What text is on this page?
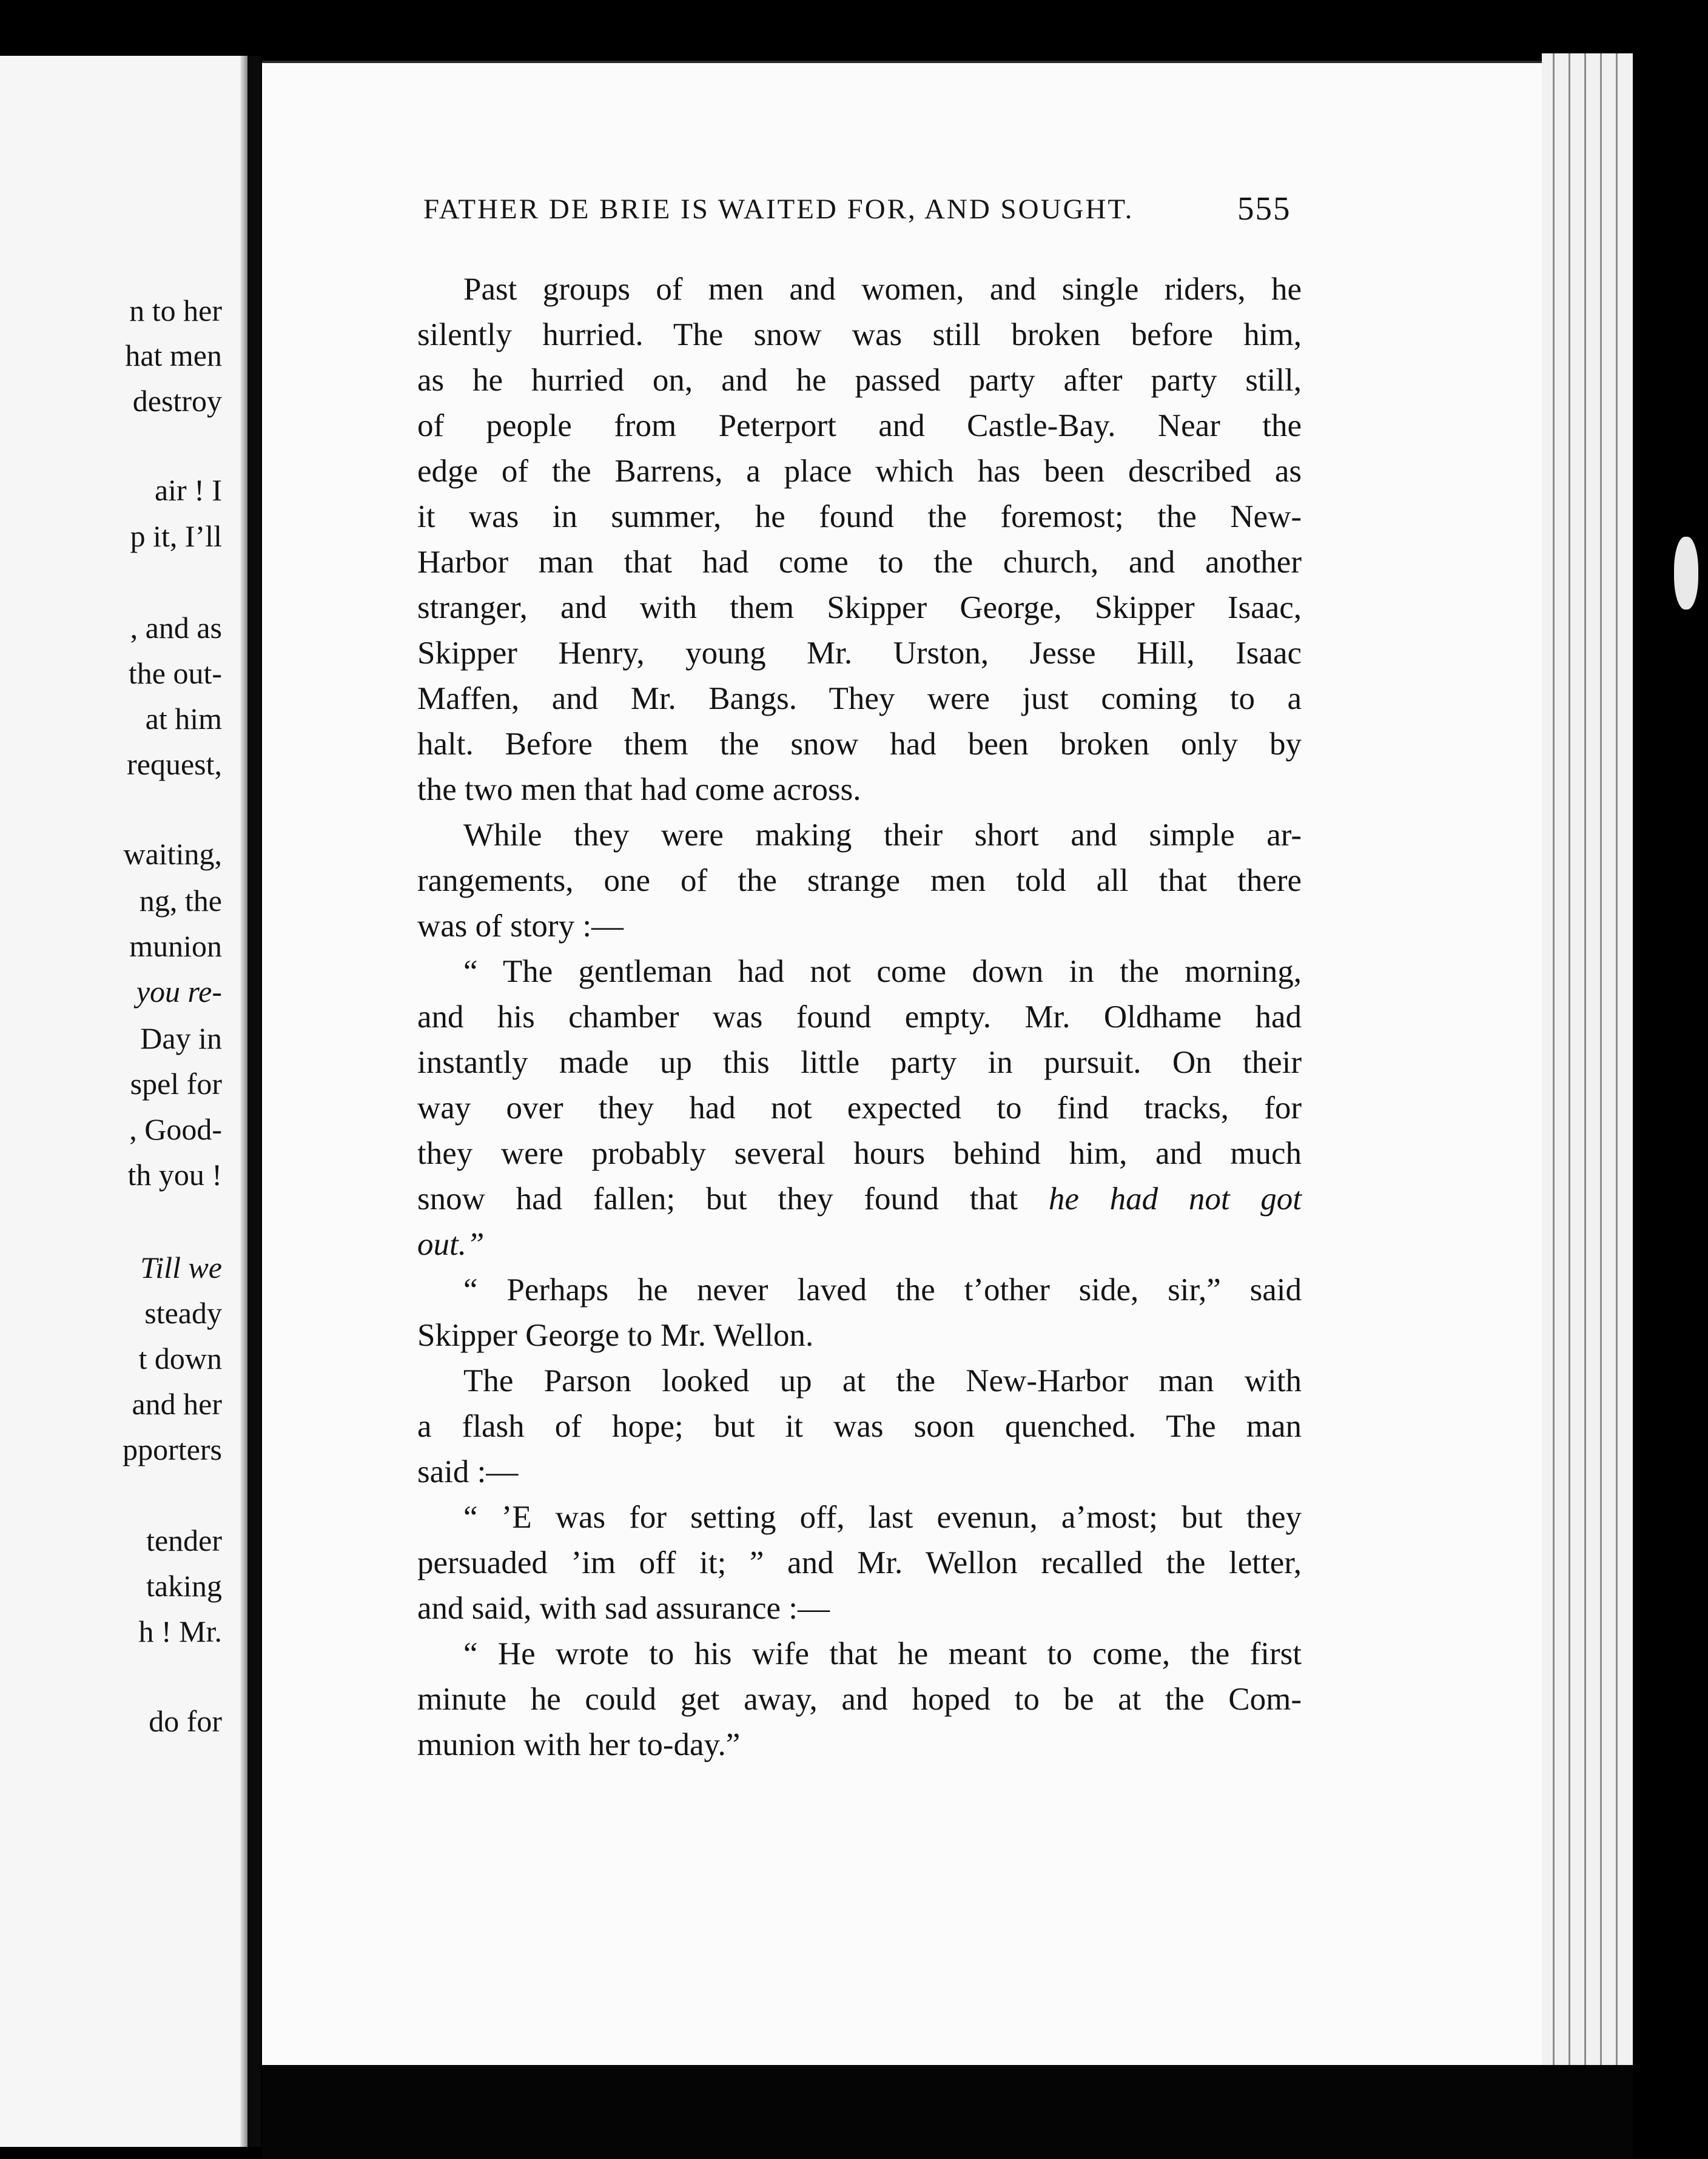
n to her
hat men
destroy
air ! I
p it, I’ll
, and as
the out-
at him
request,
waiting,
ng, the
munion
you re-
Day in
spel for
, Good-
th you !
Till we
steady
t down
and her
pporters
tender
taking
h ! Mr.
do for
FATHER DE BRIE IS WAITED FOR, AND SOUGHT.	555
Past groups of men and women, and single riders, he
silently hurried. The snow was still broken before him,
as he hurried on, and he passed party after party still,
of people from Peterport and Castle-Bay. Near the
edge of the Barrens, a place which has been described as
it was in summer, he found the foremost; the New-
Harbor man that had come to the church, and another
stranger, and with them Skipper George, Skipper Isaac,
Skipper Henry, young Mr. Urston, Jesse Hill, Isaac
Maffen, and Mr. Bangs. They were just coming to a
halt. Before them the snow had been broken only by
the two men that had come across.
While they were making their short and simple ar-
rangements, one of the strange men told all that there
was of story :—
“ The gentleman had not come down in the morning,
and his chamber was found empty. Mr. Oldhame had
instantly made up this little party in pursuit. On their
way over they had not expected to find tracks, for
they were probably several hours behind him, and much
snow had fallen; but they found that he had not got
out.”
“ Perhaps he never laved the t’other side, sir,” said
Skipper George to Mr. Wellon.
The Parson looked up at the New-Harbor man with
a flash of hope; but it was soon quenched. The man
said :—
“ ’E was for setting off, last evenun, a’most; but they
persuaded ’im off it; ” and Mr. Wellon recalled the letter,
and said, with sad assurance :—
“ He wrote to his wife that he meant to come, the first
minute he could get away, and hoped to be at the Com-
munion with her to-day.”
